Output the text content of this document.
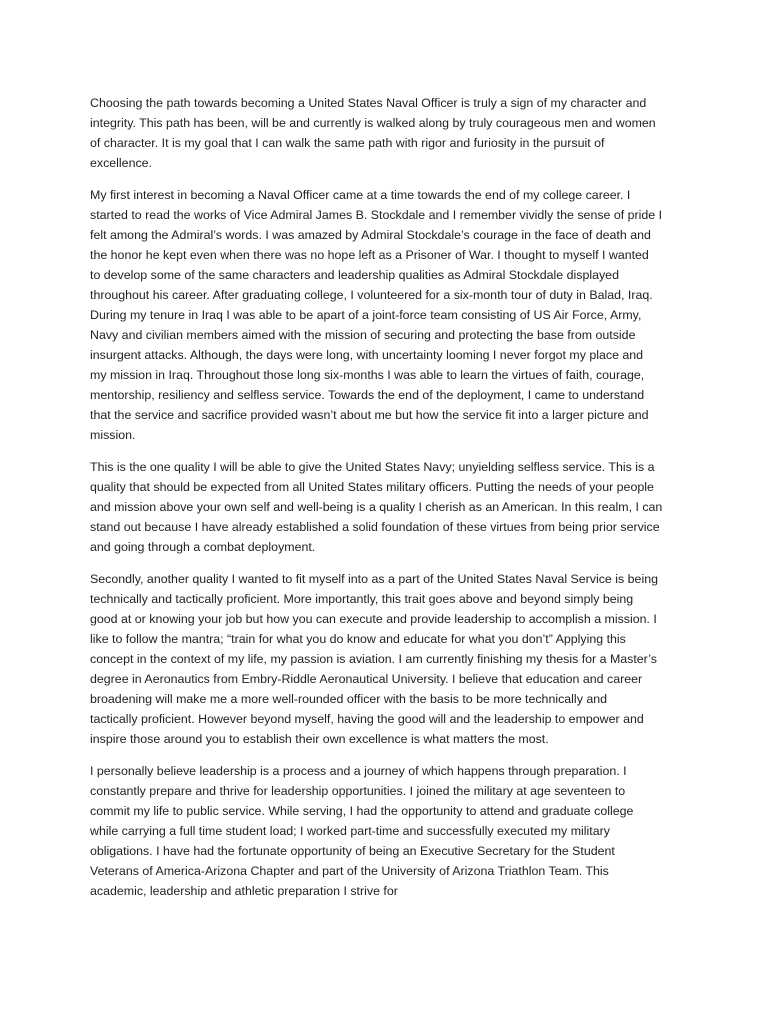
Choosing the path towards becoming a United States Naval Officer is truly a sign of my character and
integrity. This path has been, will be and currently is walked along by truly courageous men and women
of character. It is my goal that I can walk the same path with rigor and furiosity in the pursuit of
excellence.

My first interest in becoming a Naval Officer came at a time towards the end of my college career. I
started to read the works of Vice Admiral James B. Stockdale and I remember vividly the sense of pride I
felt among the Admiral’s words. I was amazed by Admiral Stockdale’s courage in the face of death and
the honor he kept even when there was no hope left as a Prisoner of War. I thought to myself I wanted
to develop some of the same characters and leadership qualities as Admiral Stockdale displayed
throughout his career. After graduating college, I volunteered for a six-month tour of duty in Balad, Iraq.
During my tenure in Iraq I was able to be apart of a joint-force team consisting of US Air Force, Army,
Navy and civilian members aimed with the mission of securing and protecting the base from outside
insurgent attacks. Although, the days were long, with uncertainty looming I never forgot my place and
my mission in Iraq. Throughout those long six-months I was able to learn the virtues of faith, courage,
mentorship, resiliency and selfless service. Towards the end of the deployment, I came to understand
that the service and sacrifice provided wasn’t about me but how the service fit into a larger picture and
mission.

This is the one quality I will be able to give the United States Navy; unyielding selfless service. This is a
quality that should be expected from all United States military officers. Putting the needs of your people
and mission above your own self and well-being is a quality I cherish as an American. In this realm, I can
stand out because I have already established a solid foundation of these virtues from being prior service
and going through a combat deployment.

Secondly, another quality I wanted to fit myself into as a part of the United States Naval Service is being
technically and tactically proficient. More importantly, this trait goes above and beyond simply being
good at or knowing your job but how you can execute and provide leadership to accomplish a mission. I
like to follow the mantra; “train for what you do know and educate for what you don’t” Applying this
concept in the context of my life, my passion is aviation. I am currently finishing my thesis for a Master’s
degree in Aeronautics from Embry-Riddle Aeronautical University. I believe that education and career
broadening will make me a more well-rounded officer with the basis to be more technically and
tactically proficient. However beyond myself, having the good will and the leadership to empower and
inspire those around you to establish their own excellence is what matters the most.

I personally believe leadership is a process and a journey of which happens through preparation. I
constantly prepare and thrive for leadership opportunities. I joined the military at age seventeen to
commit my life to public service. While serving, I had the opportunity to attend and graduate college
while carrying a full time student load; I worked part-time and successfully executed my military
obligations. I have had the fortunate opportunity of being an Executive Secretary for the Student
Veterans of America-Arizona Chapter and part of the University of Arizona Triathlon Team. This
academic, leadership and athletic preparation I strive for
